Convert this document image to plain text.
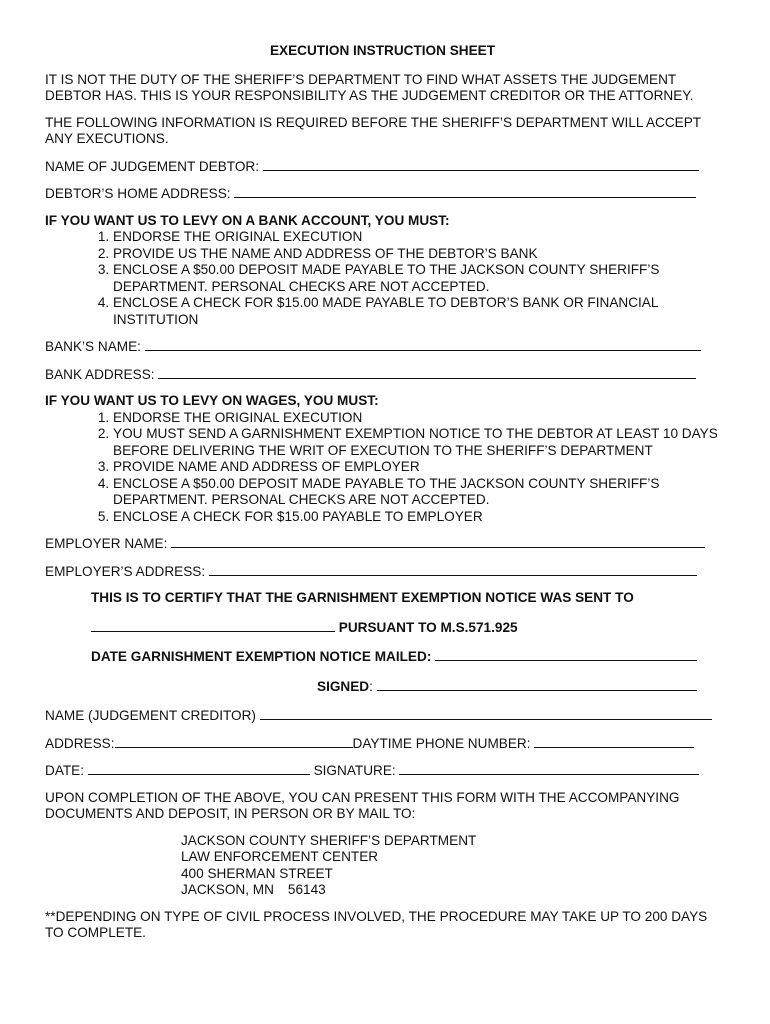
EXECUTION INSTRUCTION SHEET

IT IS NOT THE DUTY OF THE SHERIFF’S DEPARTMENT TO FIND WHAT ASSETS THE JUDGEMENT DEBTOR HAS. THIS IS YOUR RESPONSIBILITY AS THE JUDGEMENT CREDITOR OR THE ATTORNEY.

THE FOLLOWING INFORMATION IS REQUIRED BEFORE THE SHERIFF’S DEPARTMENT WILL ACCEPT ANY EXECUTIONS.

NAME OF JUDGEMENT DEBTOR:
DEBTOR’S HOME ADDRESS:
IF YOU WANT US TO LEVY ON A BANK ACCOUNT, YOU MUST:
1. ENDORSE THE ORIGINAL EXECUTION
2. PROVIDE US THE NAME AND ADDRESS OF THE DEBTOR’S BANK
3. ENCLOSE A $50.00 DEPOSIT MADE PAYABLE TO THE JACKSON COUNTY SHERIFF’S DEPARTMENT. PERSONAL CHECKS ARE NOT ACCEPTED.
4. ENCLOSE A CHECK FOR $15.00 MADE PAYABLE TO DEBTOR’S BANK OR FINANCIAL INSTITUTION
BANK’S NAME:
BANK ADDRESS:
IF YOU WANT US TO LEVY ON WAGES, YOU MUST:
1. ENDORSE THE ORIGINAL EXECUTION
2. YOU MUST SEND A GARNISHMENT EXEMPTION NOTICE TO THE DEBTOR AT LEAST 10 DAYS BEFORE DELIVERING THE WRIT OF EXECUTION TO THE SHERIFF’S DEPARTMENT
3. PROVIDE NAME AND ADDRESS OF EMPLOYER
4. ENCLOSE A $50.00 DEPOSIT MADE PAYABLE TO THE JACKSON COUNTY SHERIFF’S DEPARTMENT. PERSONAL CHECKS ARE NOT ACCEPTED.
5. ENCLOSE A CHECK FOR $15.00 PAYABLE TO EMPLOYER
EMPLOYER NAME:
EMPLOYER’S ADDRESS:
THIS IS TO CERTIFY THAT THE GARNISHMENT EXEMPTION NOTICE WAS SENT TO
PURSUANT TO M.S.571.925
DATE GARNISHMENT EXEMPTION NOTICE MAILED:
SIGNED:
NAME (JUDGEMENT CREDITOR)
ADDRESS:	DAYTIME PHONE NUMBER:
DATE:	SIGNATURE:

UPON COMPLETION OF THE ABOVE, YOU CAN PRESENT THIS FORM WITH THE ACCOMPANYING DOCUMENTS AND DEPOSIT, IN PERSON OR BY MAIL TO:

JACKSON COUNTY SHERIFF’S DEPARTMENT
LAW ENFORCEMENT CENTER
400 SHERMAN STREET
JACKSON, MN 56143

**DEPENDING ON TYPE OF CIVIL PROCESS INVOLVED, THE PROCEDURE MAY TAKE UP TO 200 DAYS TO COMPLETE.
